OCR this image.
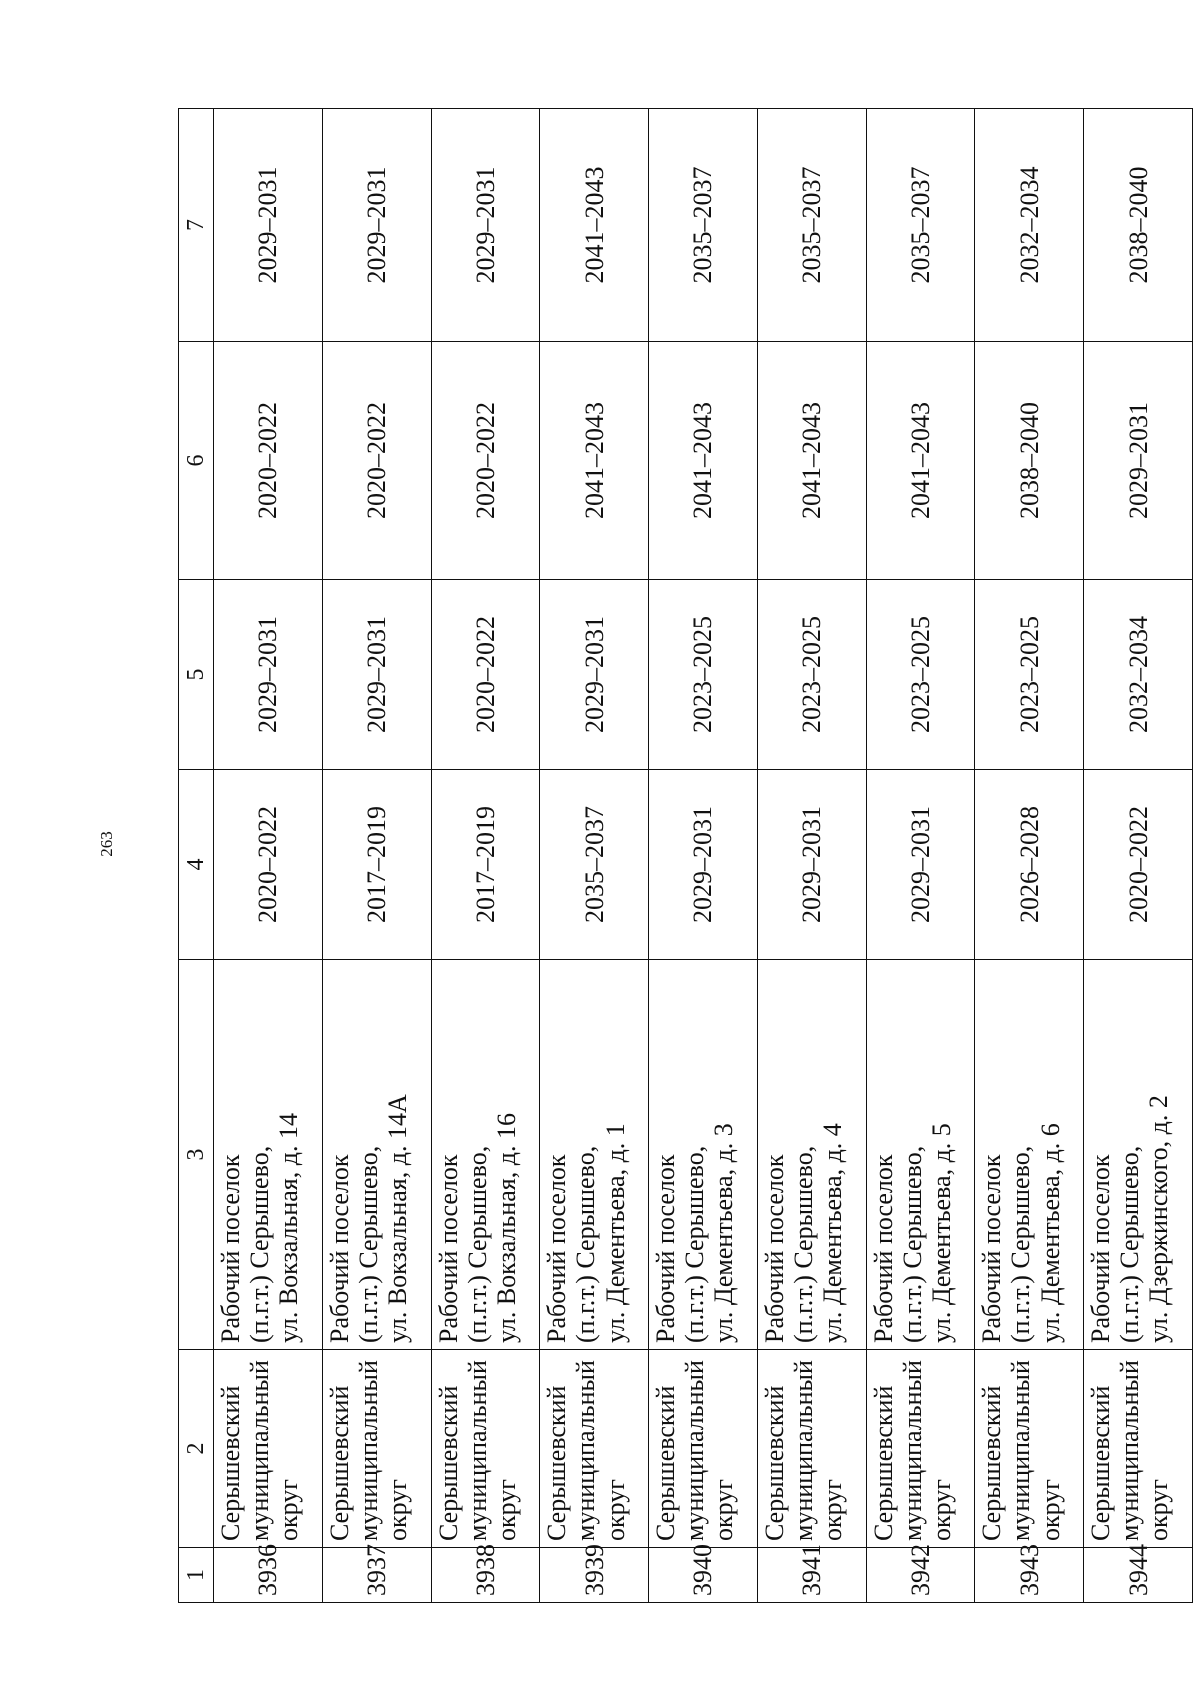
263
1	2	3	4	5	6	7
3936	Серышевский муниципальный округ	Рабочий поселок (п.г.т.) Серышево, ул. Вокзальная, д. 14	2020–2022	2029–2031	2020–2022	2029–2031
3937	Серышевский муниципальный округ	Рабочий поселок (п.г.т.) Серышево, ул. Вокзальная, д. 14А	2017–2019	2029–2031	2020–2022	2029–2031
3938	Серышевский муниципальный округ	Рабочий поселок (п.г.т.) Серышево, ул. Вокзальная, д. 16	2017–2019	2020–2022	2020–2022	2029–2031
3939	Серышевский муниципальный округ	Рабочий поселок (п.г.т.) Серышево, ул. Дементьева, д. 1	2035–2037	2029–2031	2041–2043	2041–2043
3940	Серышевский муниципальный округ	Рабочий поселок (п.г.т.) Серышево, ул. Дементьева, д. 3	2029–2031	2023–2025	2041–2043	2035–2037
3941	Серышевский муниципальный округ	Рабочий поселок (п.г.т.) Серышево, ул. Дементьева, д. 4	2029–2031	2023–2025	2041–2043	2035–2037
3942	Серышевский муниципальный округ	Рабочий поселок (п.г.т.) Серышево, ул. Дементьева, д. 5	2029–2031	2023–2025	2041–2043	2035–2037
3943	Серышевский муниципальный округ	Рабочий поселок (п.г.т.) Серышево, ул. Дементьева, д. 6	2026–2028	2023–2025	2038–2040	2032–2034
3944	Серышевский муниципальный округ	Рабочий поселок (п.г.т.) Серышево, ул. Дзержинского, д. 2	2020–2022	2032–2034	2029–2031	2038–2040
